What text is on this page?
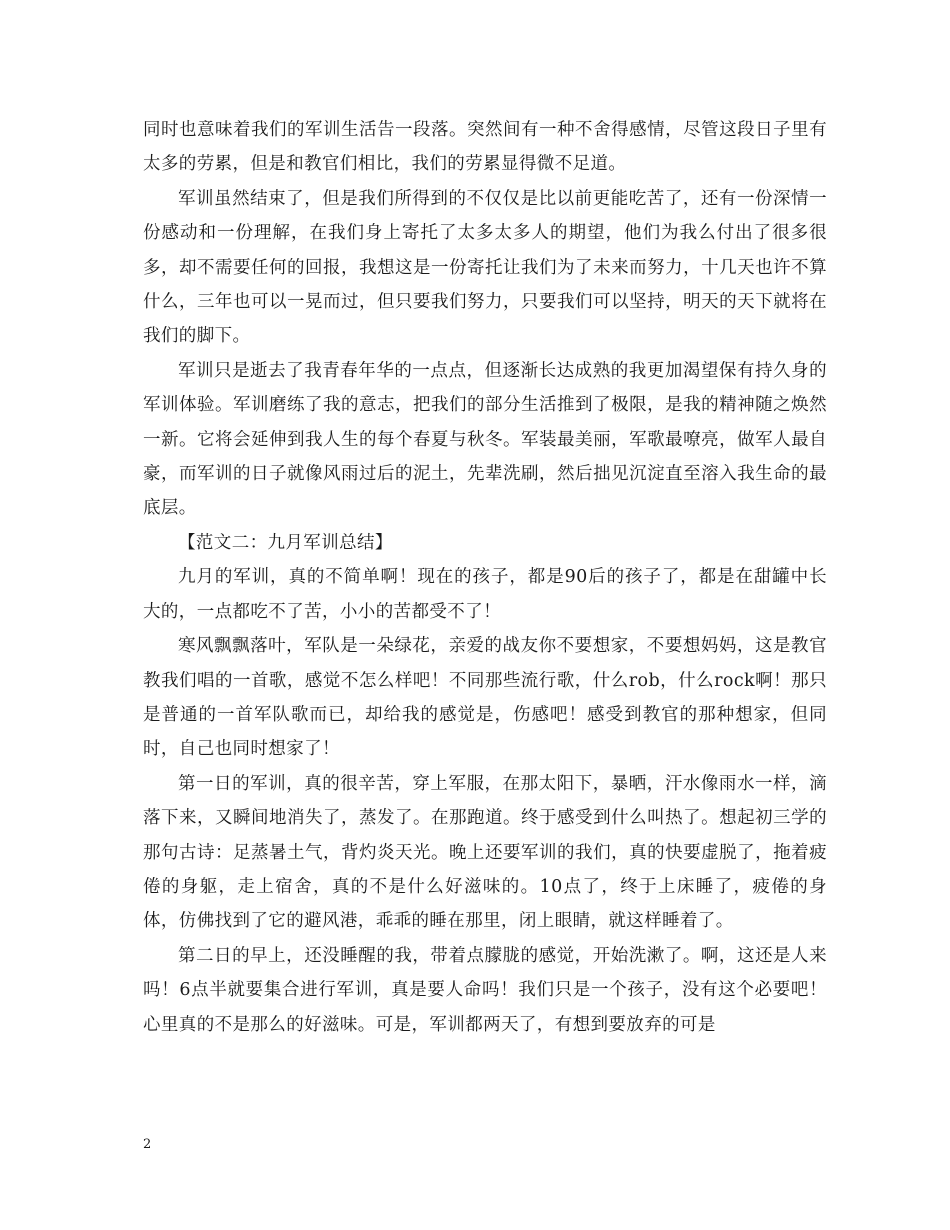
同时也意味着我们的军训生活告一段落。突然间有一种不舍得感情，尽管这段日子里有太多的劳累，但是和教官们相比，我们的劳累显得微不足道。

军训虽然结束了，但是我们所得到的不仅仅是比以前更能吃苦了，还有一份深情一份感动和一份理解，在我们身上寄托了太多太多人的期望，他们为我么付出了很多很多，却不需要任何的回报，我想这是一份寄托让我们为了未来而努力，十几天也许不算什么，三年也可以一晃而过，但只要我们努力，只要我们可以坚持，明天的天下就将在我们的脚下。

军训只是逝去了我青春年华的一点点，但逐渐长达成熟的我更加渴望保有持久身的军训体验。军训磨练了我的意志，把我们的部分生活推到了极限，是我的精神随之焕然一新。它将会延伸到我人生的每个春夏与秋冬。军装最美丽，军歌最嘹亮，做军人最自豪，而军训的日子就像风雨过后的泥土，先辈洗刷，然后拙见沉淀直至溶入我生命的最底层。

【范文二：九月军训总结】

九月的军训，真的不简单啊！现在的孩子，都是90后的孩子了，都是在甜罐中长大的，一点都吃不了苦，小小的苦都受不了！

寒风飘飘落叶，军队是一朵绿花，亲爱的战友你不要想家，不要想妈妈，这是教官教我们唱的一首歌，感觉不怎么样吧！不同那些流行歌，什么rob，什么rock啊！那只是普通的一首军队歌而已，却给我的感觉是，伤感吧！感受到教官的那种想家，但同时，自己也同时想家了！

第一日的军训，真的很辛苦，穿上军服，在那太阳下，暴晒，汗水像雨水一样，滴落下来，又瞬间地消失了，蒸发了。在那跑道。终于感受到什么叫热了。想起初三学的那句古诗：足蒸暑土气，背灼炎天光。晚上还要军训的我们，真的快要虚脱了，拖着疲倦的身躯，走上宿舍，真的不是什么好滋味的。10点了，终于上床睡了，疲倦的身体，仿佛找到了它的避风港，乖乖的睡在那里，闭上眼睛，就这样睡着了。

第二日的早上，还没睡醒的我，带着点朦胧的感觉，开始洗漱了。啊，这还是人来吗！6点半就要集合进行军训，真是要人命吗！我们只是一个孩子，没有这个必要吧！心里真的不是那么的好滋味。可是，军训都两天了，有想到要放弃的可是

2
